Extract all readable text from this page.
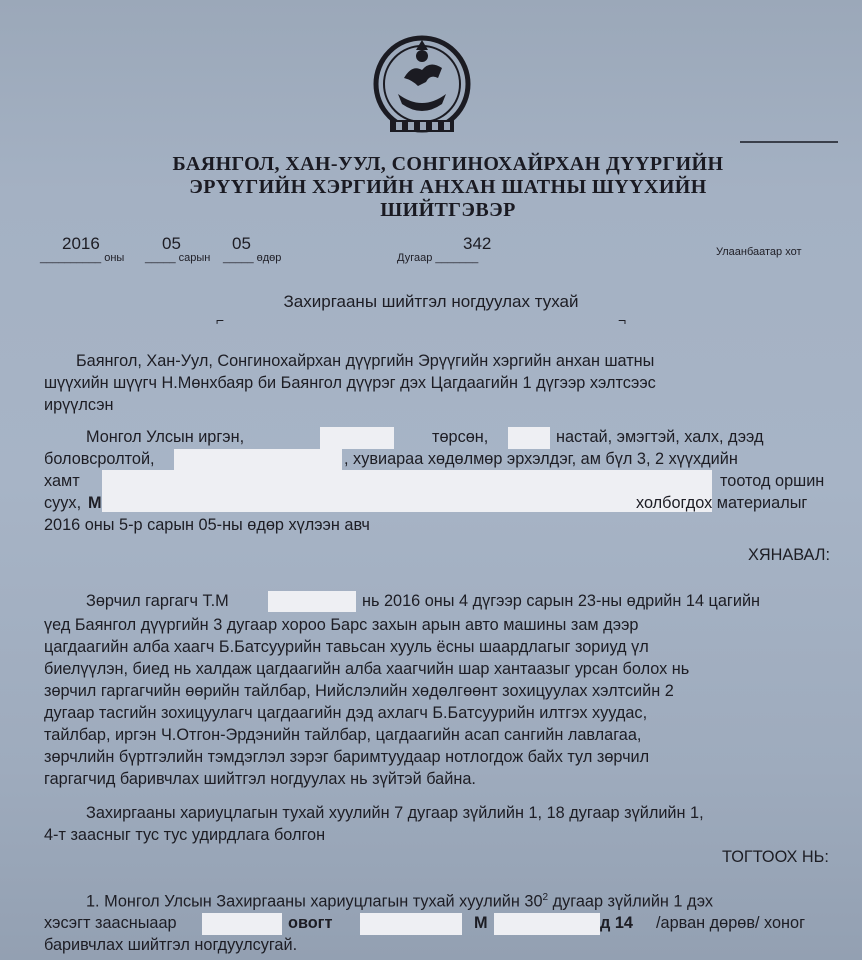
БАЯНГОЛ, ХАН-УУЛ, СОНГИНОХАЙРХАН ДҮҮРГИЙН
ЭРҮҮГИЙН ХЭРГИЙН АНХАН ШАТНЫ ШҮҮХИЙН
ШИЙТГЭВЭР
2016
__________ оны
05
_____ сарын
05
_____ өдөр
342
Дугаар _______	Улаанбаатар хот
Захиргааны шийтгэл ногдуулах тухай
⌐	¬
Баянгол, Хан-Уул, Сонгинохайрхан дүүргийн Эрүүгийн хэргийн анхан шатны
шүүхийн шүүгч Н.Мөнхбаяр би Баянгол дүүрэг дэх Цагдаагийн 1 дүгээр хэлтсээс
ирүүлсэн
Монгол Улсын иргэн,	төрсөн,	настай, эмэгтэй, халх, дээд
боловсролтой,	, хувиараа хөдөлмөр эрхэлдэг, ам бүл 3, 2 хүүхдийн
хамт	тоотод оршин
суух, М	холбогдох материалыг
2016 оны 5-р сарын 05-ны өдөр хүлээн авч
ХЯНАВАЛ:
Зөрчил гаргагч Т.М	нь 2016 оны 4 дүгээр сарын 23-ны өдрийн 14 цагийн
үед Баянгол дүүргийн 3 дугаар хороо Барс захын арын авто машины зам дээр
цагдаагийн алба хаагч Б.Батсуурийн тавьсан хууль ёсны шаардлагыг зориуд үл
биелүүлэн, биед нь халдаж цагдаагийн алба хаагчийн шар хантаазыг урсан болох нь
зөрчил гаргагчийн өөрийн тайлбар, Нийслэлийн хөдөлгөөнт зохицуулах хэлтсийн 2
дугаар тасгийн зохицуулагч цагдаагийн дэд ахлагч Б.Батсуурийн илтгэх хуудас,
тайлбар, иргэн Ч.Отгон-Эрдэнийн тайлбар, цагдаагийн асап сангийн лавлагаа,
зөрчлийн бүртгэлийн тэмдэглэл зэрэг баримтуудаар нотлогдож байх тул зөрчил
гаргагчид баривчлах шийтгэл ногдуулах нь зүйтэй байна.
Захиргааны хариуцлагын тухай хуулийн 7 дугаар зүйлийн 1, 18 дугаар зүйлийн 1,
4-т заасныг тус тус удирдлага болгон
ТОГТООХ НЬ:
1. Монгол Улсын Захиргааны хариуцлагын тухай хуулийн $30^2$ дугаар зүйлийн 1 дэх
хэсэгт заасныаар	овогт	М	д 14 /арван дөрөв/ хоног
баривчлах шийтгэл ногдуулсугай.
